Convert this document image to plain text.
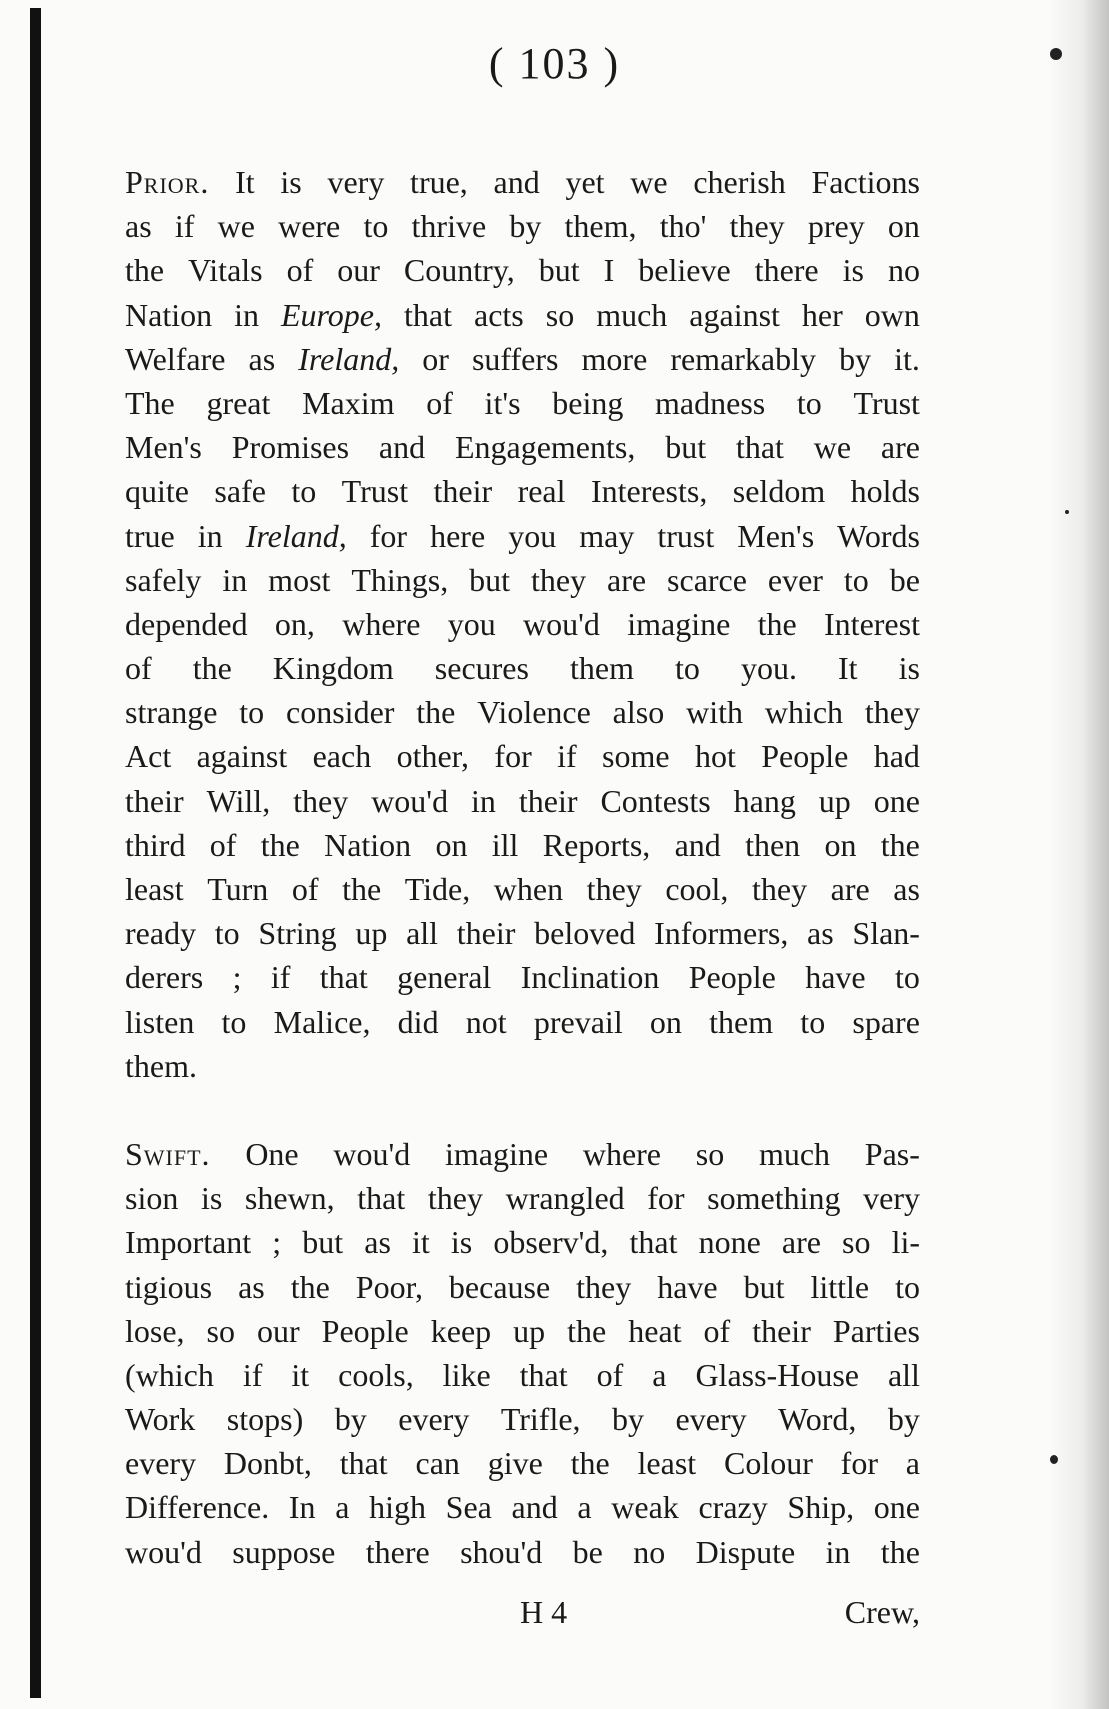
( 103 )
Prior. It is very true, and yet we cherish Factions
as if we were to thrive by them, tho' they prey on
the Vitals of our Country, but I believe there is no
Nation in Europe, that acts so much against her own
Welfare as Ireland, or suffers more remarkably by it.
The great Maxim of it's being madness to Trust
Men's Promises and Engagements, but that we are
quite safe to Trust their real Interests, seldom holds
true in Ireland, for here you may trust Men's Words
safely in most Things, but they are scarce ever to be
depended on, where you wou'd imagine the Interest
of the Kingdom secures them to you. It is
strange to consider the Violence also with which they
Act against each other, for if some hot People had
their Will, they wou'd in their Contests hang up one
third of the Nation on ill Reports, and then on the
least Turn of the Tide, when they cool, they are as
ready to String up all their beloved Informers, as Slan-
derers ; if that general Inclination People have to
listen to Malice, did not prevail on them to spare
them.
Swift. One wou'd imagine where so much Pas-
sion is shewn, that they wrangled for something very
Important ; but as it is observ'd, that none are so li-
tigious as the Poor, because they have but little to
lose, so our People keep up the heat of their Parties
(which if it cools, like that of a Glass-House all
Work stops) by every Trifle, by every Word, by
every Donbt, that can give the least Colour for a
Difference. In a high Sea and a weak crazy Ship, one
wou'd suppose there shou'd be no Dispute in the
H 4	Crew,
